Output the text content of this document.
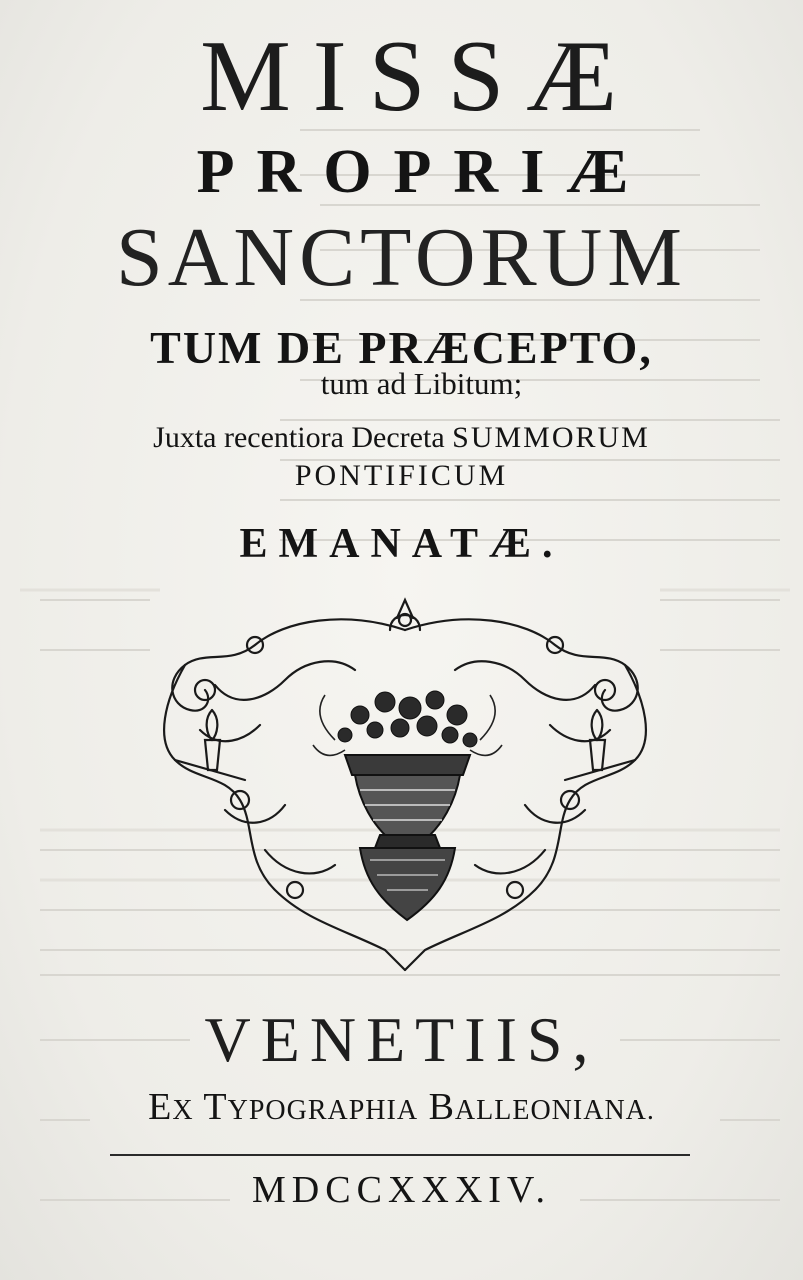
MISSÆ
PROPRIÆ
SANCTORUM
TUM DE PRÆCEPTO,
tum ad Libitum;
Juxta recentiora Decreta SUMMORUM
PONTIFICUM
EMANATÆ.
VENETIIS,
EX TYPOGRAPHIA BALLEONIANA.
MDCCXXXIV.
